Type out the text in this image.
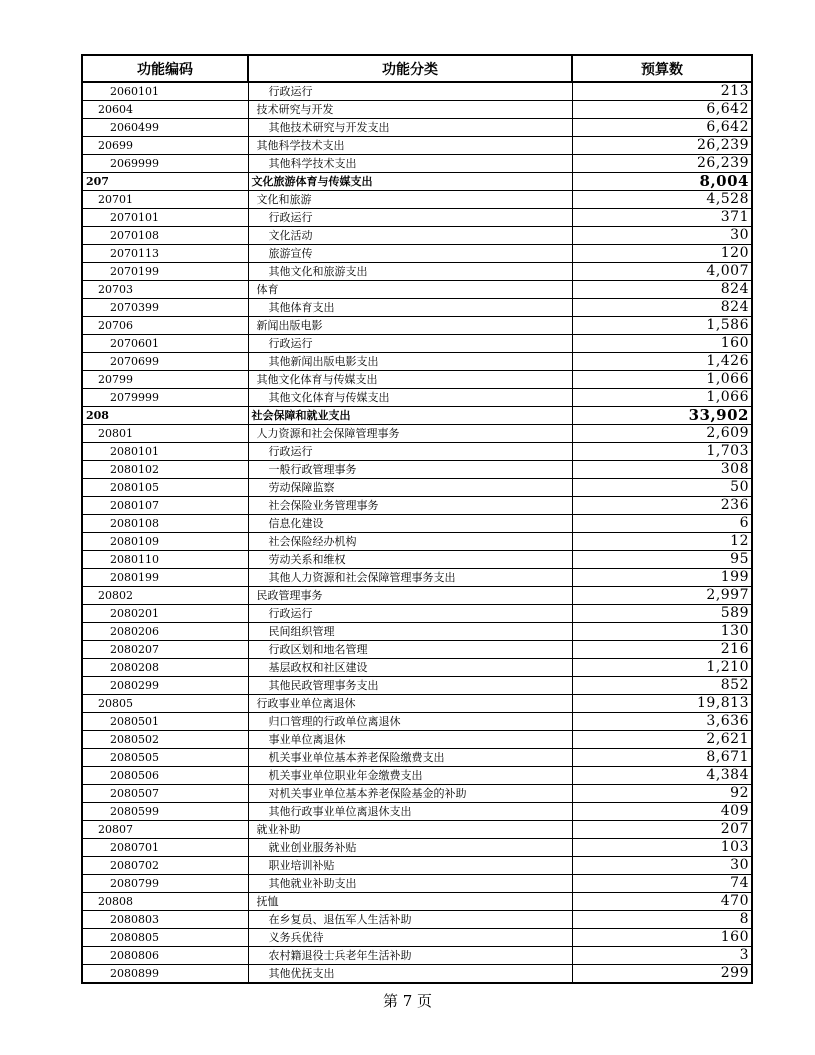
功能编码	功能分类	预算数
2060101	行政运行	213
20604	技术研究与开发	6,642
2060499	其他技术研究与开发支出	6,642
20699	其他科学技术支出	26,239
2069999	其他科学技术支出	26,239
207	文化旅游体育与传媒支出	8,004
20701	文化和旅游	4,528
2070101	行政运行	371
2070108	文化活动	30
2070113	旅游宣传	120
2070199	其他文化和旅游支出	4,007
20703	体育	824
2070399	其他体育支出	824
20706	新闻出版电影	1,586
2070601	行政运行	160
2070699	其他新闻出版电影支出	1,426
20799	其他文化体育与传媒支出	1,066
2079999	其他文化体育与传媒支出	1,066
208	社会保障和就业支出	33,902
20801	人力资源和社会保障管理事务	2,609
2080101	行政运行	1,703
2080102	一般行政管理事务	308
2080105	劳动保障监察	50
2080107	社会保险业务管理事务	236
2080108	信息化建设	6
2080109	社会保险经办机构	12
2080110	劳动关系和维权	95
2080199	其他人力资源和社会保障管理事务支出	199
20802	民政管理事务	2,997
2080201	行政运行	589
2080206	民间组织管理	130
2080207	行政区划和地名管理	216
2080208	基层政权和社区建设	1,210
2080299	其他民政管理事务支出	852
20805	行政事业单位离退休	19,813
2080501	归口管理的行政单位离退休	3,636
2080502	事业单位离退休	2,621
2080505	机关事业单位基本养老保险缴费支出	8,671
2080506	机关事业单位职业年金缴费支出	4,384
2080507	对机关事业单位基本养老保险基金的补助	92
2080599	其他行政事业单位离退休支出	409
20807	就业补助	207
2080701	就业创业服务补贴	103
2080702	职业培训补贴	30
2080799	其他就业补助支出	74
20808	抚恤	470
2080803	在乡复员、退伍军人生活补助	8
2080805	义务兵优待	160
2080806	农村籍退役士兵老年生活补助	3
2080899	其他优抚支出	299
第 7 页
